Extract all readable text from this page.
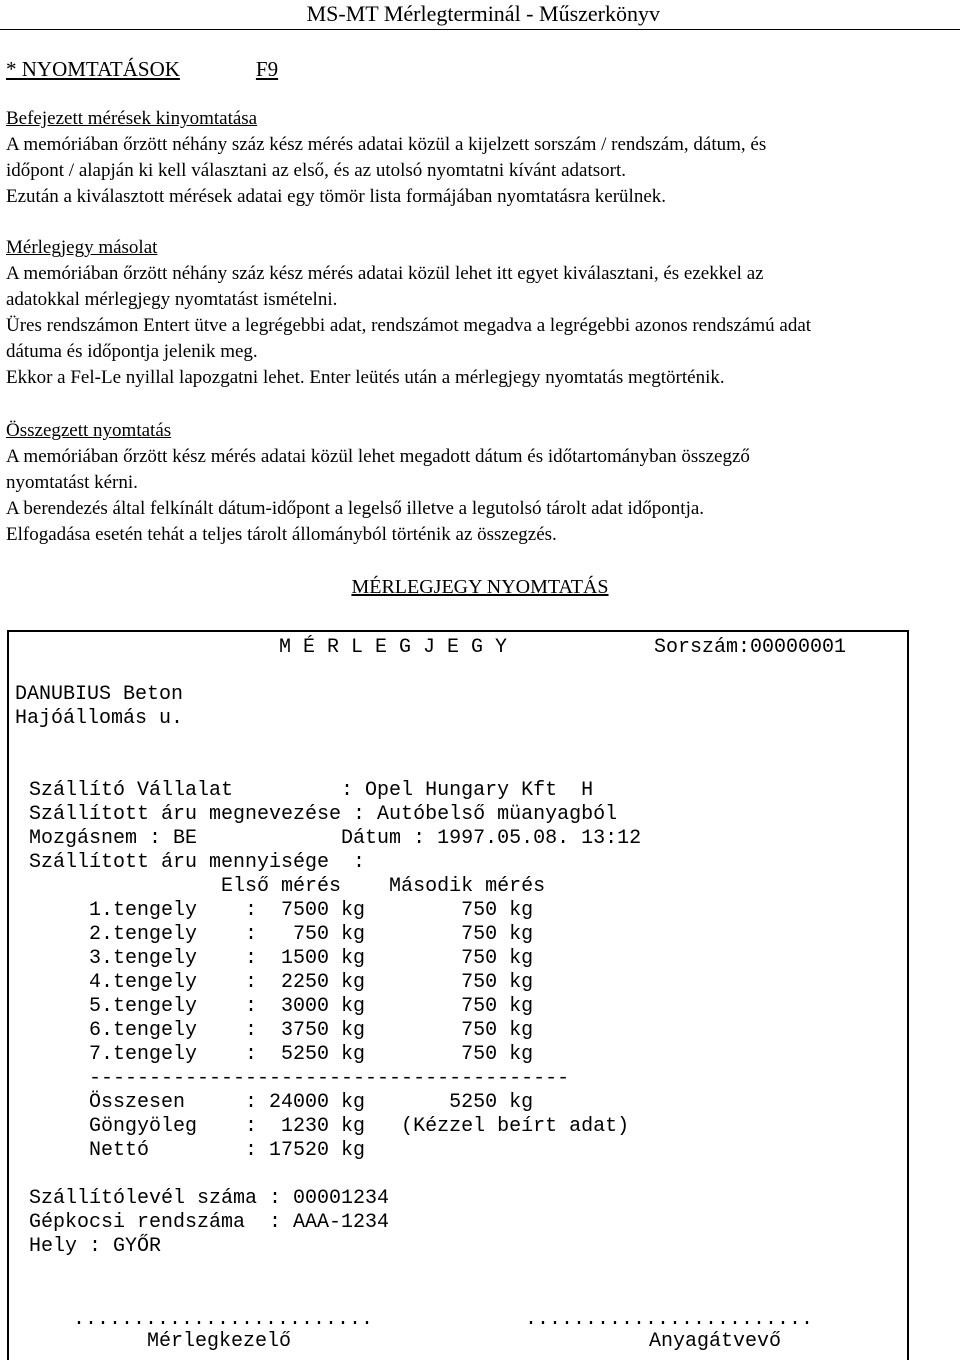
MS-MT Mérlegterminál - Műszerkönyv
* NYOMTATÁSOK	F9

Befejezett mérések kinyomtatása

A memóriában őrzött néhány száz kész mérés adatai közül a kijelzett sorszám / rendszám, dátum, és

időpont / alapján ki kell választani az első, és az utolsó nyomtatni kívánt adatsort.

Ezután a kiválasztott mérések adatai egy tömör lista formájában nyomtatásra kerülnek.

Mérlegjegy másolat

A memóriában őrzött néhány száz kész mérés adatai közül lehet itt egyet kiválasztani, és ezekkel az

adatokkal mérlegjegy nyomtatást ismételni.

Üres rendszámon Entert ütve a legrégebbi adat, rendszámot megadva a legrégebbi azonos rendszámú adat

dátuma és időpontja jelenik meg.

Ekkor a Fel-Le nyillal lapozgatni lehet. Enter leütés után a mérlegjegy nyomtatás megtörténik.

Összegzett nyomtatás

A memóriában őrzött kész mérés adatai közül lehet megadott dátum és időtartományban összegző

nyomtatást kérni.

A berendezés által felkínált dátum-időpont a legelső illetve a legutolsó tárolt adat időpontja.

Elfogadása esetén tehát a teljes tárolt állományból történik az összegzés.

MÉRLEGJEGY NYOMTATÁS
M É R L E G J E G Y	Sorszám:00000001
DANUBIUS Beton
Hajóállomás u.
Szállító Vállalat         : Opel Hungary Kft  H
Szállított áru megnevezése : Autóbelső müanyagból
Mozgásnem : BE            Dátum : 1997.05.08. 13:12
Szállított áru mennyisége  :
Első mérés    Második mérés
1.tengely    :  7500 kg        750 kg
2.tengely    :   750 kg        750 kg
3.tengely    :  1500 kg        750 kg
4.tengely    :  2250 kg        750 kg
5.tengely    :  3000 kg        750 kg
6.tengely    :  3750 kg        750 kg
7.tengely    :  5250 kg        750 kg
----------------------------------------
Összesen     : 24000 kg       5250 kg
Göngyöleg    :  1230 kg   (Kézzel beírt adat)
Nettó        : 17520 kg
Szállítólevél száma : 00001234
Gépkocsi rendszáma  : AAA-1234
Hely : GYŐR
.........................	........................
Mérlegkezelő	Anyagátvevő
